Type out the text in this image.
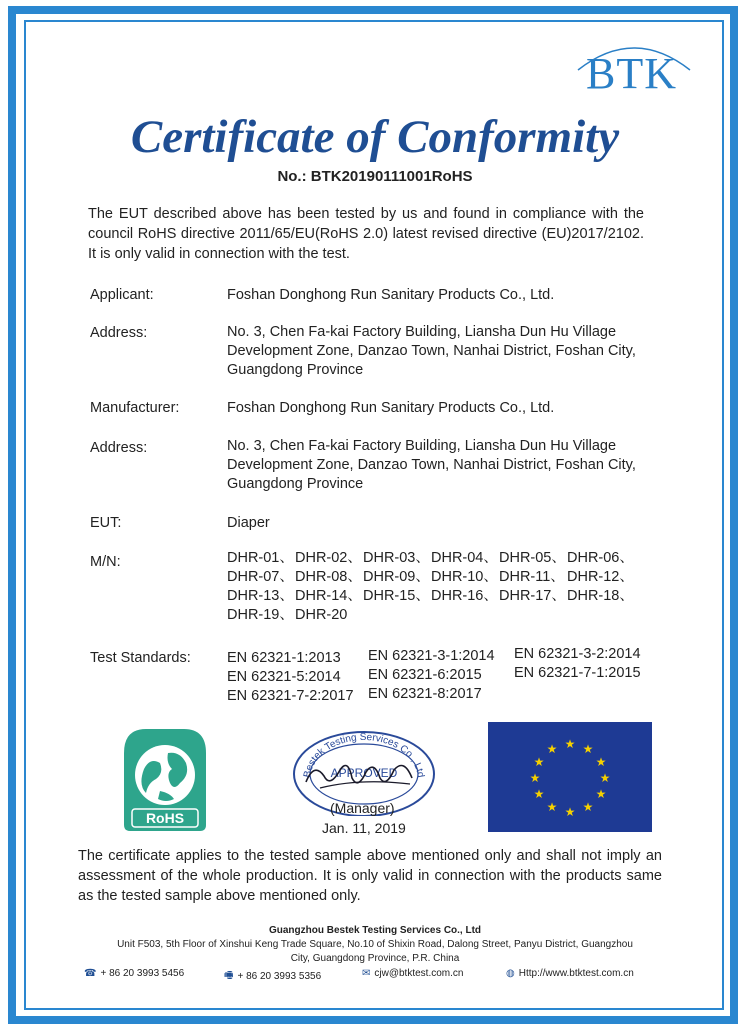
BTK
Certificate of Conformity
No.: BTK20190111001RoHS
The EUT described above has been tested by us and found in compliance with the council RoHS directive 2011/65/EU(RoHS 2.0) latest revised directive (EU)2017/2102. It is only valid in connection with the test.
Applicant:	Foshan Donghong Run Sanitary Products Co., Ltd.
Address:	No. 3, Chen Fa-kai Factory Building, Liansha Dun Hu Village Development Zone, Danzao Town, Nanhai District, Foshan City, Guangdong Province
Manufacturer:	Foshan Donghong Run Sanitary Products Co., Ltd.
Address:	No. 3, Chen Fa-kai Factory Building, Liansha Dun Hu Village Development Zone, Danzao Town, Nanhai District, Foshan City, Guangdong Province
EUT:	Diaper
M/N:	DHR-01、 DHR-02、 DHR-03、 DHR-04、 DHR-05、 DHR-06、
DHR-07、 DHR-08、 DHR-09、 DHR-10、 DHR-11、 DHR-12、
DHR-13、 DHR-14、 DHR-15、 DHR-16、 DHR-17、 DHR-18、
DHR-19、 DHR-20
Test Standards:	EN 62321-1:2013
EN 62321-5:2014
EN 62321-7-2:2017
EN 62321-3-1:2014
EN 62321-6:2015
EN 62321-8:2017
EN 62321-3-2:2014
EN 62321-7-1:2015
RoHS
Bestek Testing Services Co., Ltd
APPROVED
(Manager)
Jan. 11, 2019
★ ★
★
★
★
★
★
★
★
★
★
★
The certificate applies to the tested sample above mentioned only and shall not imply an assessment of the whole production. It is only valid in connection with the products same as the tested sample above mentioned only.
Guangzhou Bestek Testing Services Co., Ltd
Unit F503, 5th Floor of Xinshui Keng Trade Square, No.10 of Shixin Road, Dalong Street, Panyu District, Guangzhou City, Guangdong Province, P.R. China
☎ + 86 20 3993 5456	🖷 + 86 20 3993 5356	✉ cjw@btktest.com.cn	◍ Http://www.btktest.com.cn
